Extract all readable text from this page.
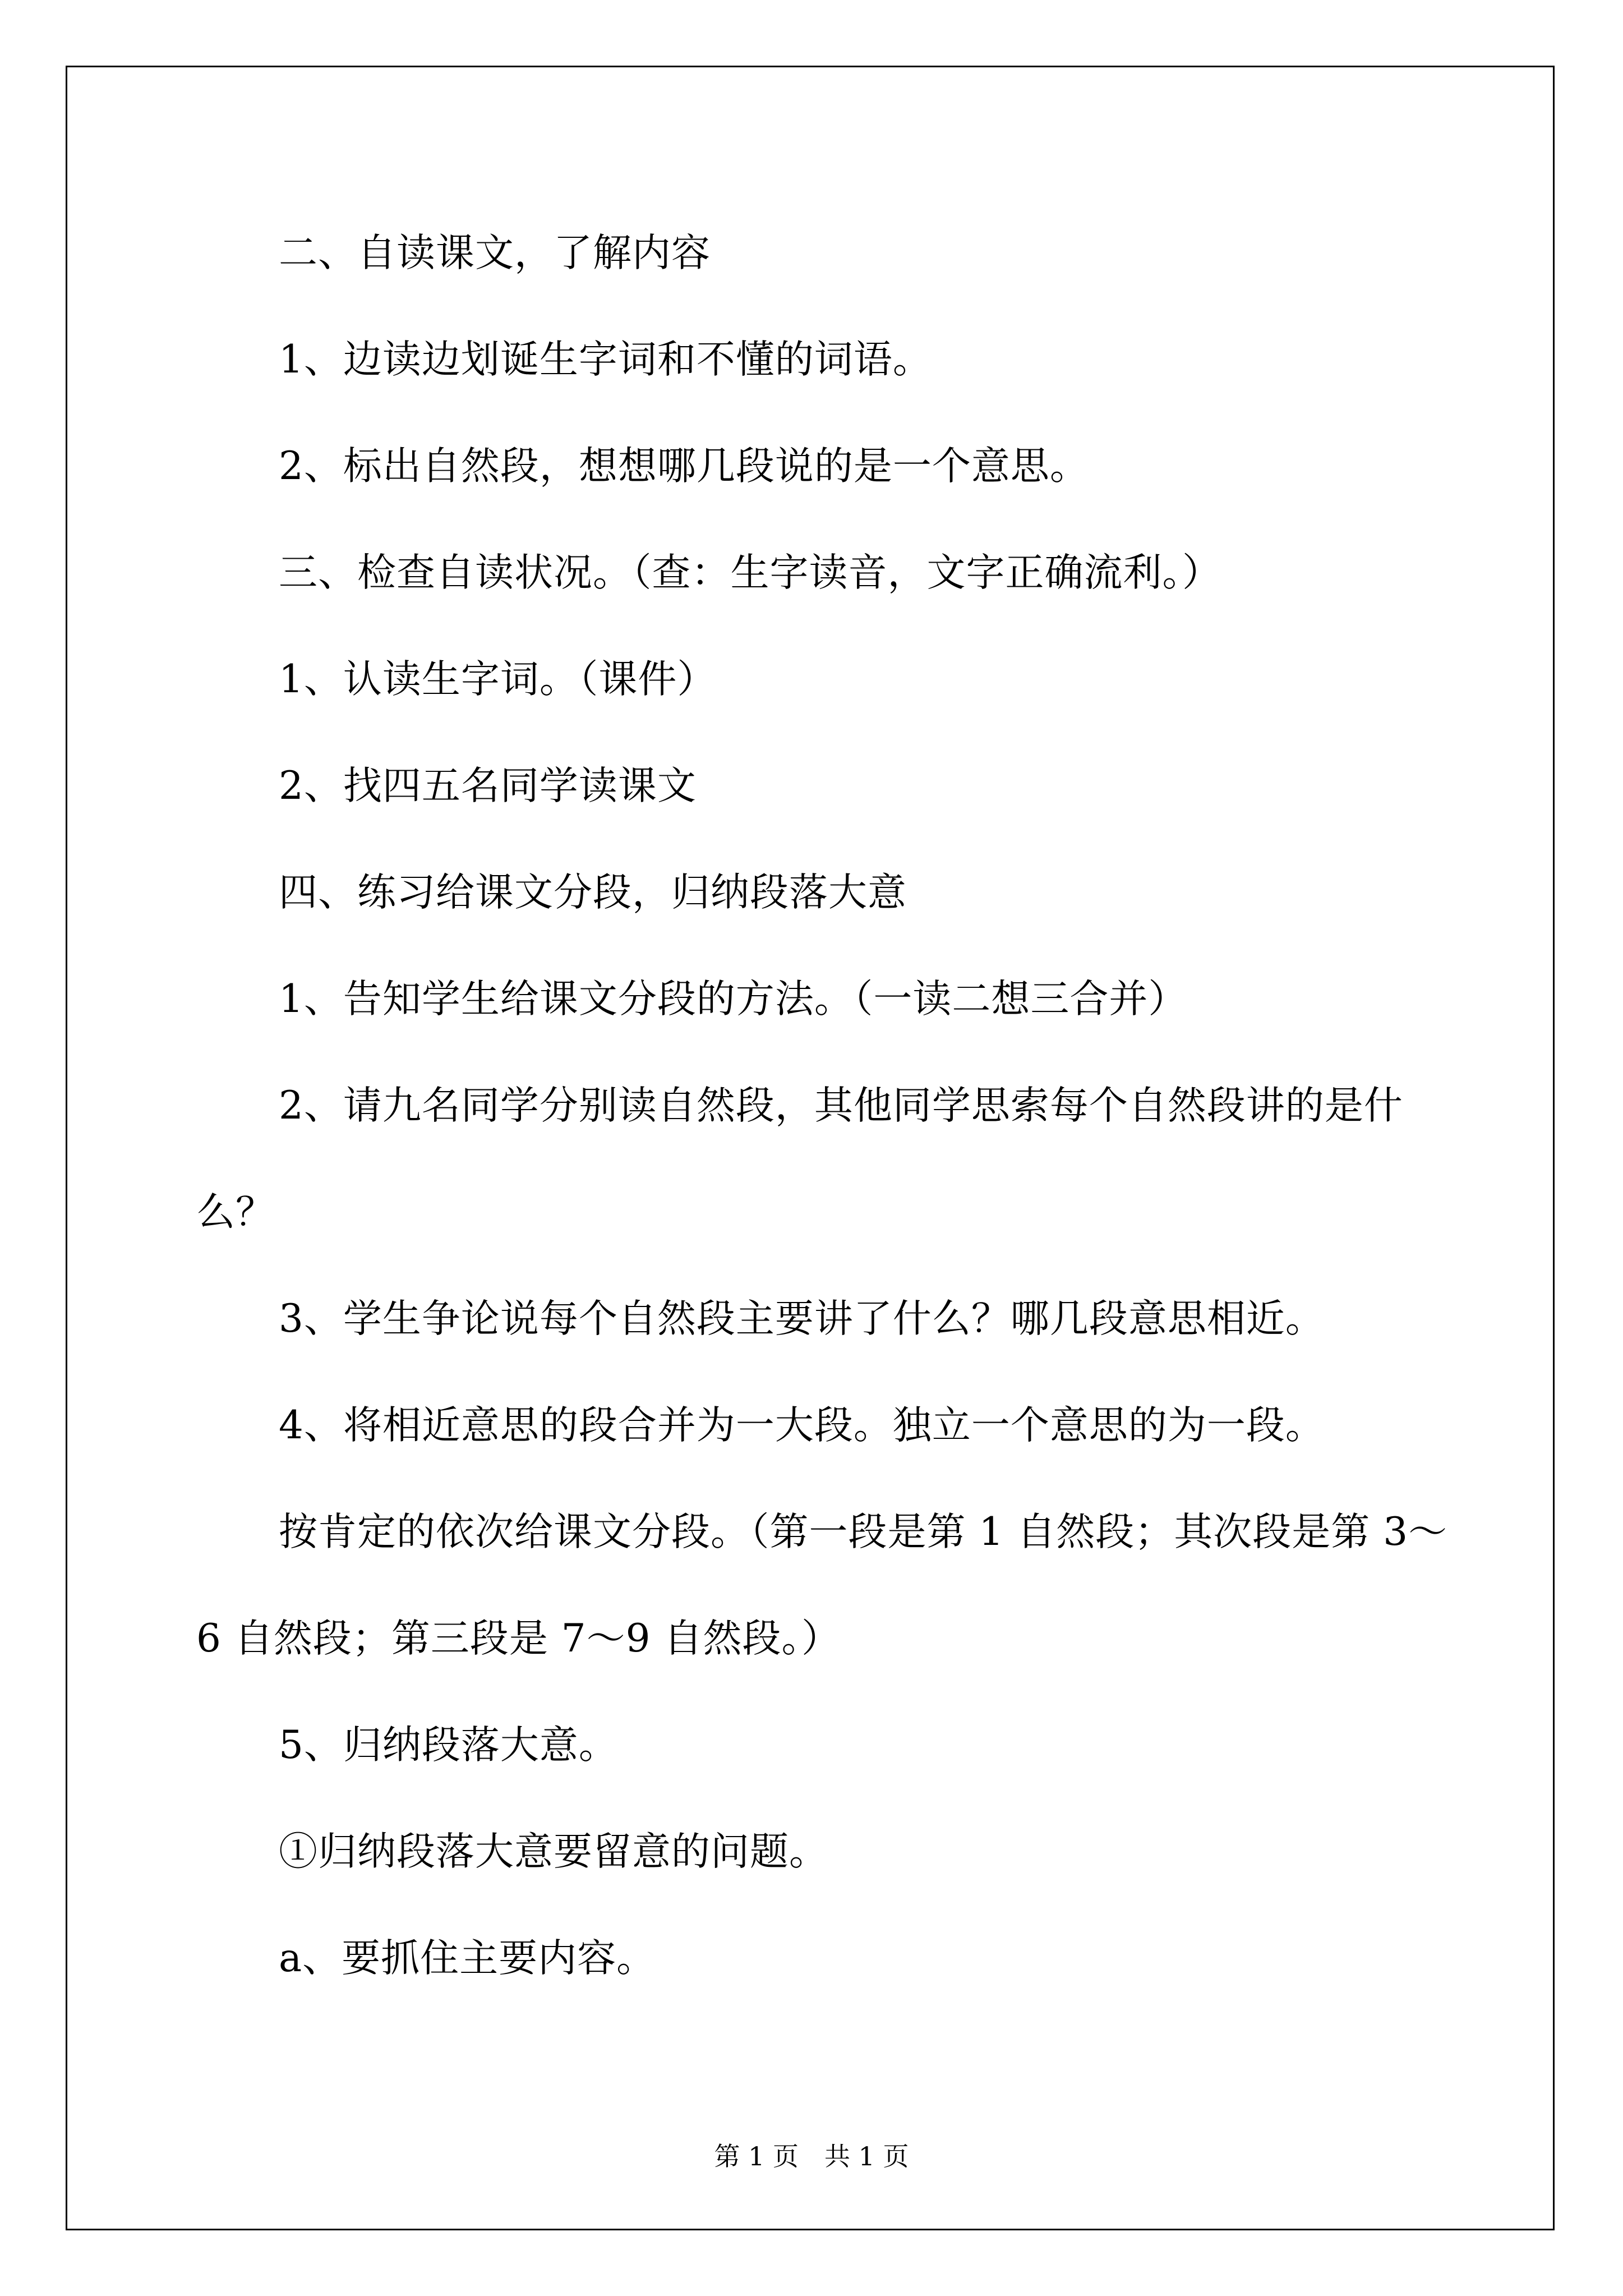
二、自读课文，了解内容
1、边读边划诞生字词和不懂的词语。
2、标出自然段，想想哪几段说的是一个意思。
三、检查自读状况。（查：生字读音，文字正确流利。）
1、认读生字词。（课件）
2、找四五名同学读课文
四、练习给课文分段，归纳段落大意
1、告知学生给课文分段的方法。（一读二想三合并）
2、请九名同学分别读自然段，其他同学思索每个自然段讲的是什
么？
3、学生争论说每个自然段主要讲了什么？哪几段意思相近。
4、将相近意思的段合并为一大段。独立一个意思的为一段。
按肯定的依次给课文分段。（第一段是第 1 自然段；其次段是第 3～
6 自然段；第三段是 7～9 自然段。）
5、归纳段落大意。
①归纳段落大意要留意的问题。
a、要抓住主要内容。
第 1 页　共 1 页
